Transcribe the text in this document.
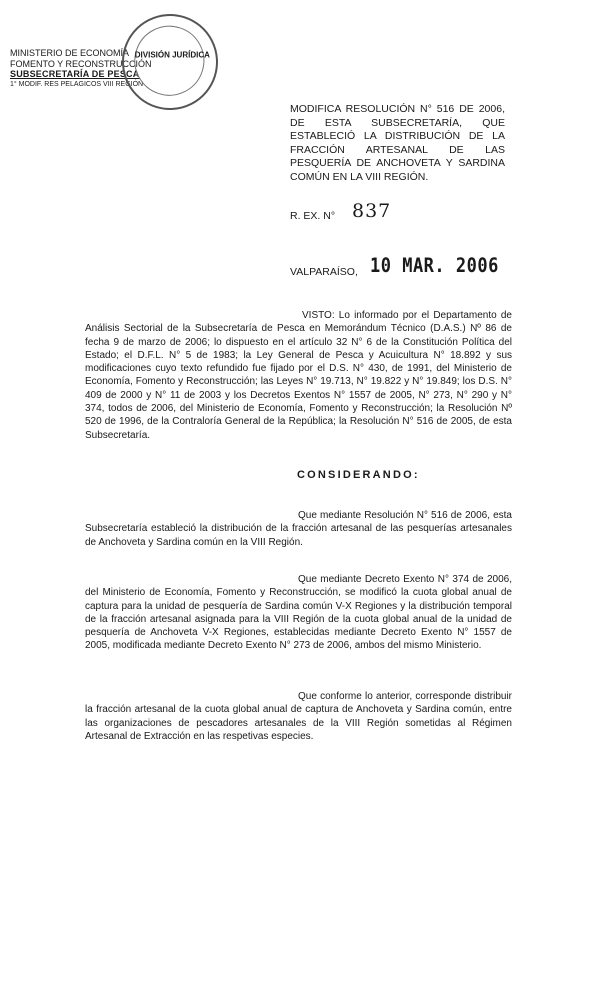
MINISTERIO DE ECONOMÍA
FOMENTO Y RECONSTRUCCIÓN
SUBSECRETARÍA DE PESCA
1° MODIF. RES PELAGICOS VIII REGIÓN
DIVISIÓN JURÍDICA
MODIFICA RESOLUCIÓN N° 516 DE 2006, DE ESTA SUBSECRETARÍA, QUE ESTABLECIÓ LA DISTRIBUCIÓN DE LA FRACCIÓN ARTESANAL DE LAS PESQUERÍA DE ANCHOVETA Y SARDINA COMÚN EN LA VIII REGIÓN.
R. EX. N° 837
VALPARAÍSO, 10 MAR. 2006
VISTO: Lo informado por el Departamento de Análisis Sectorial de la Subsecretaría de Pesca en Memorándum Técnico (D.A.S.) Nº 86 de fecha 9 de marzo de 2006; lo dispuesto en el artículo 32 N° 6 de la Constitución Política del Estado; el D.F.L. N° 5 de 1983; la Ley General de Pesca y Acuicultura N° 18.892 y sus modificaciones cuyo texto refundido fue fijado por el D.S. N° 430, de 1991, del Ministerio de Economía, Fomento y Reconstrucción; las Leyes N° 19.713, N° 19.822 y N° 19.849; los D.S. N° 409 de 2000 y N° 11 de 2003 y los Decretos Exentos N° 1557 de 2005, N° 273, N° 290 y N° 374, todos de 2006, del Ministerio de Economía, Fomento y Reconstrucción; la Resolución Nº 520 de 1996, de la Contraloría General de la República; la Resolución N° 516 de 2005, de esta Subsecretaría.
CONSIDERANDO:
Que mediante Resolución N° 516 de 2006, esta Subsecretaría estableció la distribución de la fracción artesanal de las pesquerías artesanales de Anchoveta y Sardina común en la VIII Región.
Que mediante Decreto Exento N° 374 de 2006, del Ministerio de Economía, Fomento y Reconstrucción, se modificó la cuota global anual de captura para la unidad de pesquería de Sardina común V-X Regiones y la distribución temporal de la fracción artesanal asignada para la VIII Región de la cuota global anual de la unidad de pesquería de Anchoveta V-X Regiones, establecidas mediante Decreto Exento N° 1557 de 2005, modificada mediante Decreto Exento N° 273 de 2006, ambos del mismo Ministerio.
Que conforme lo anterior, corresponde distribuir la fracción artesanal de la cuota global anual de captura de Anchoveta y Sardina común, entre las organizaciones de pescadores artesanales de la VIII Región sometidas al Régimen Artesanal de Extracción en las respetivas especies.
